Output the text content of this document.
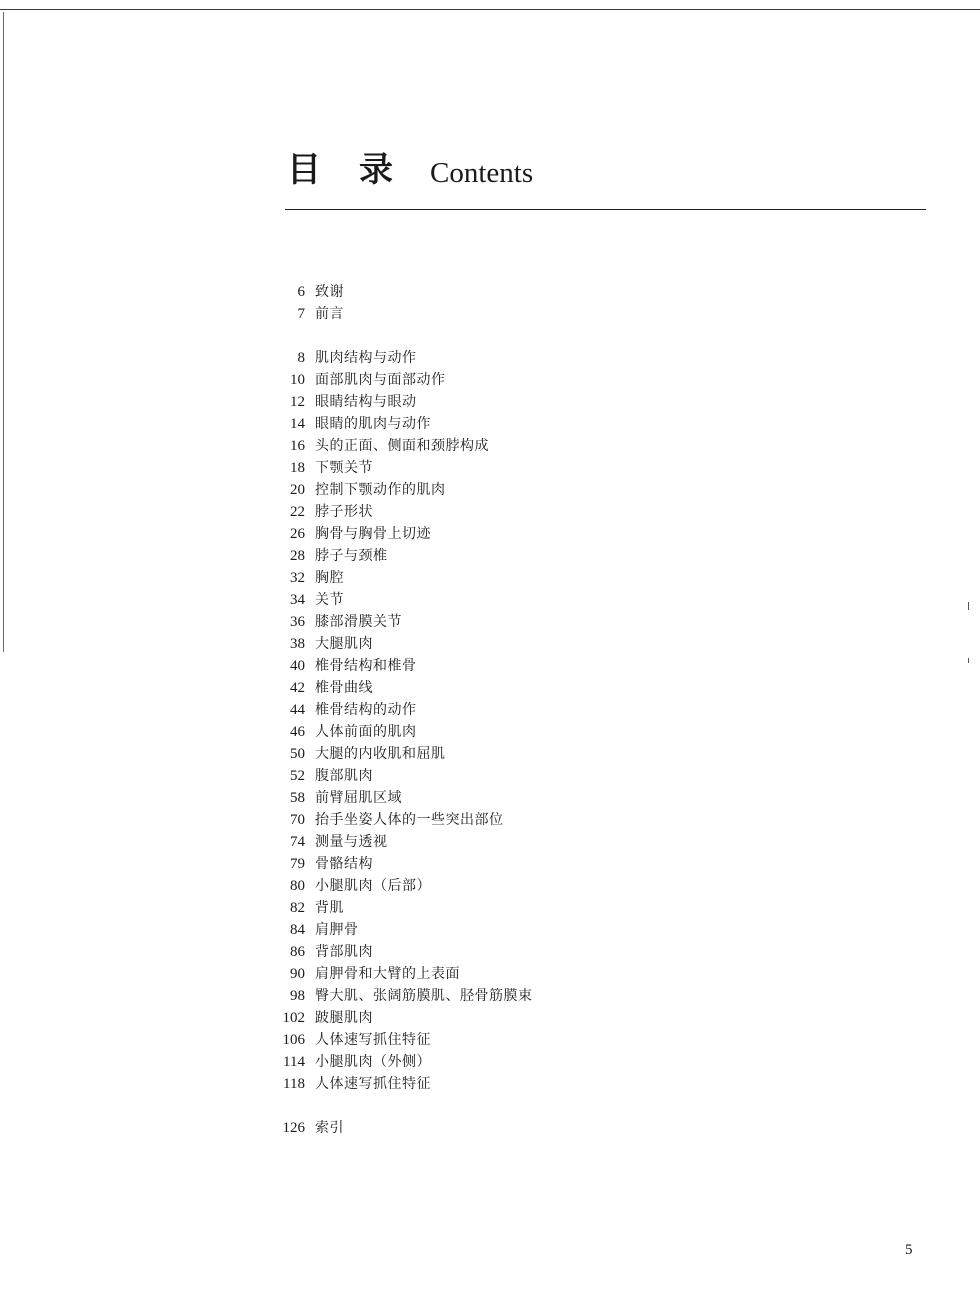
目录 Contents
6 致谢
7 前言
8 肌肉结构与动作
10 面部肌肉与面部动作
12 眼睛结构与眼动
14 眼睛的肌肉与动作
16 头的正面、侧面和颈脖构成
18 下颚关节
20 控制下颚动作的肌肉
22 脖子形状
26 胸骨与胸骨上切迹
28 脖子与颈椎
32 胸腔
34 关节
36 膝部滑膜关节
38 大腿肌肉
40 椎骨结构和椎骨
42 椎骨曲线
44 椎骨结构的动作
46 人体前面的肌肉
50 大腿的内收肌和屈肌
52 腹部肌肉
58 前臂屈肌区域
70 抬手坐姿人体的一些突出部位
74 测量与透视
79 骨骼结构
80 小腿肌肉（后部）
82 背肌
84 肩胛骨
86 背部肌肉
90 肩胛骨和大臂的上表面
98 臀大肌、张阔筋膜肌、胫骨筋膜束
102 跛腿肌肉
106 人体速写抓住特征
114 小腿肌肉（外侧）
118 人体速写抓住特征
126 索引
5
